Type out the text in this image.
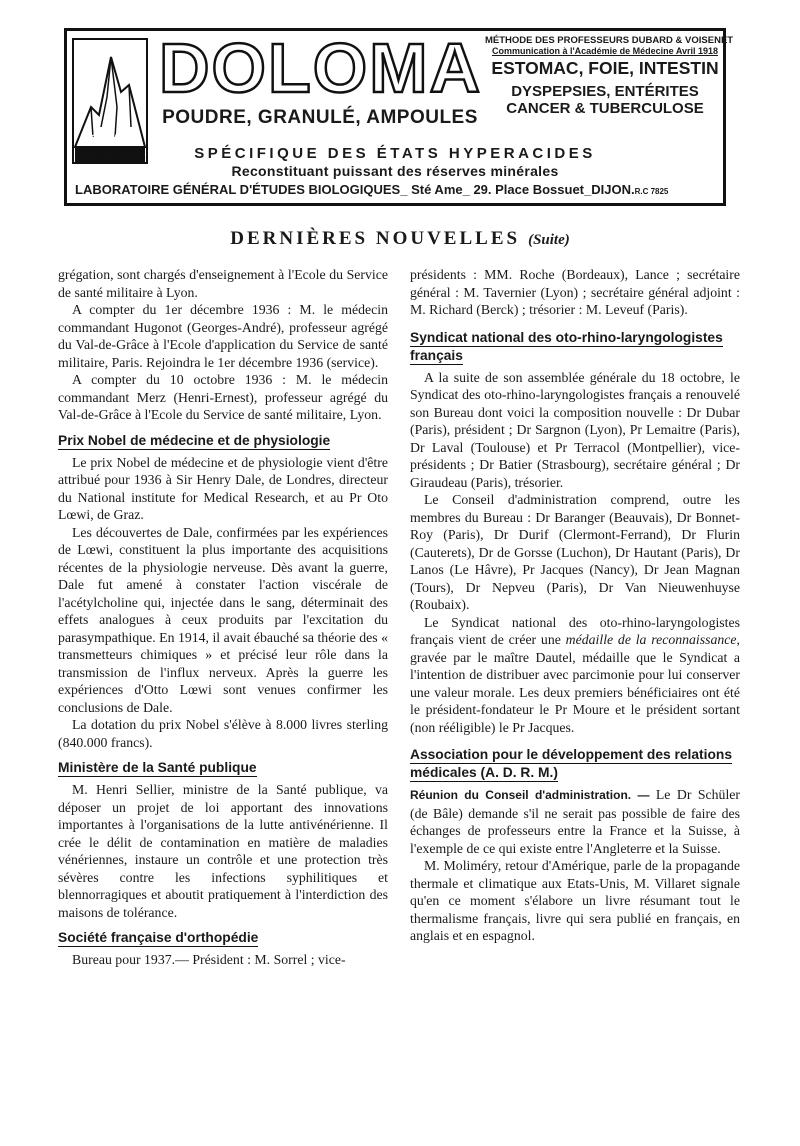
DOLOMITES
MARQUE DÉPOSÉE
DOLOMA
POUDRE, GRANULÉ, AMPOULES
MÉTHODE DES PROFESSEURS DUBARD & VOISENET
Communication à l'Académie de Médecine Avril 1918
ESTOMAC, FOIE, INTESTIN
DYSPEPSIES, ENTÉRITES
CANCER & TUBERCULOSE
SPÉCIFIQUE DES ÉTATS HYPERACIDES
Reconstituant puissant des réserves minérales
LABORATOIRE GÉNÉRAL D'ÉTUDES BIOLOGIQUES_ Sté Ame_ 29. Place Bossuet_DIJON.R.C 7825
DERNIÈRES NOUVELLES (Suite)

grégation, sont chargés d'enseignement à l'Ecole du Service de santé militaire à Lyon.

A compter du 1er décembre 1936 : M. le médecin commandant Hugonot (Georges-André), professeur agrégé du Val-de-Grâce à l'Ecole d'application du Service de santé militaire, Paris. Rejoindra le 1er décembre 1936 (service).

A compter du 10 octobre 1936 : M. le médecin commandant Merz (Henri-Ernest), professeur agrégé du Val-de-Grâce à l'Ecole du Service de santé militaire, Lyon.

Prix Nobel de médecine et de physiologie

Le prix Nobel de médecine et de physiologie vient d'être attribué pour 1936 à Sir Henry Dale, de Londres, directeur du National institute for Medical Research, et au Pr Oto Lœwi, de Graz.

Les découvertes de Dale, confirmées par les expériences de Lœwi, constituent la plus importante des acquisitions récentes de la physiologie nerveuse. Dès avant la guerre, Dale fut amené à constater l'action viscérale de l'acétylcholine qui, injectée dans le sang, déterminait des effets analogues à ceux produits par l'excitation du parasympathique. En 1914, il avait ébauché sa théorie des « transmetteurs chimiques » et précisé leur rôle dans la transmission de l'influx nerveux. Après la guerre les expériences d'Otto Lœwi sont venues confirmer les conclusions de Dale.

La dotation du prix Nobel s'élève à 8.000 livres sterling (840.000 francs).

Ministère de la Santé publique

M. Henri Sellier, ministre de la Santé publique, va déposer un projet de loi apportant des innovations importantes à l'organisations de la lutte antivénérienne. Il crée le délit de contamination en matière de maladies vénériennes, instaure un contrôle et une protection très sévères contre les infections syphilitiques et blennorragiques et aboutit pratiquement à l'interdiction des maisons de tolérance.

Société française d'orthopédie

Bureau pour 1937.— Président : M. Sorrel ; vice-

présidents : MM. Roche (Bordeaux), Lance ; secrétaire général : M. Tavernier (Lyon) ; secrétaire général adjoint : M. Richard (Berck) ; trésorier : M. Leveuf (Paris).

Syndicat national des oto-rhino-laryngologistes français

A la suite de son assemblée générale du 18 octobre, le Syndicat des oto-rhino-laryngologistes français a renouvelé son Bureau dont voici la composition nouvelle : Dr Dubar (Paris), président ; Dr Sargnon (Lyon), Pr Lemaitre (Paris), Dr Laval (Toulouse) et Pr Terracol (Montpellier), vice-présidents ; Dr Batier (Strasbourg), secrétaire général ; Dr Giraudeau (Paris), trésorier.

Le Conseil d'administration comprend, outre les membres du Bureau : Dr Baranger (Beauvais), Dr Bonnet-Roy (Paris), Dr Durif (Clermont-Ferrand), Dr Flurin (Cauterets), Dr de Gorsse (Luchon), Dr Hautant (Paris), Dr Lanos (Le Hâvre), Pr Jacques (Nancy), Dr Jean Magnan (Tours), Dr Nepveu (Paris), Dr Van Nieuwenhuyse (Roubaix).

Le Syndicat national des oto-rhino-laryngologistes français vient de créer une médaille de la reconnaissance, gravée par le maître Dautel, médaille que le Syndicat a l'intention de distribuer avec parcimonie pour lui conserver une valeur morale. Les deux premiers bénéficiaires ont été le président-fondateur le Pr Moure et le président sortant (non rééligible) le Pr Jacques.

Association pour le développement des relations médicales (A. D. R. M.)

Réunion du Conseil d'administration. — Le Dr Schüler (de Bâle) demande s'il ne serait pas possible de faire des échanges de professeurs entre la France et la Suisse, à l'exemple de ce qui existe entre l'Angleterre et la Suisse.

M. Moliméry, retour d'Amérique, parle de la propagande thermale et climatique aux Etats-Unis, M. Villaret signale qu'en ce moment s'élabore un livre résumant tout le thermalisme français, livre qui sera publié en français, en anglais et en espagnol.
